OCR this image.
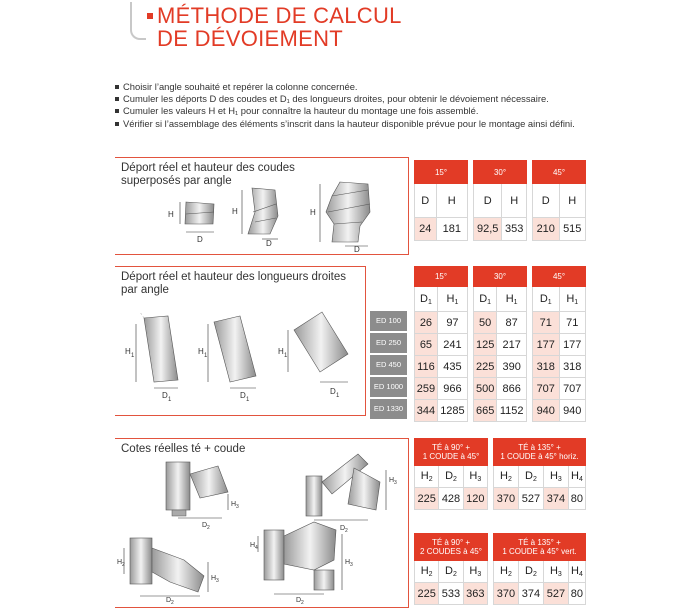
MÉTHODE DE CALCUL
DE DÉVOIEMENT
Choisir l’angle souhaité et repérer la colonne concernée.
Cumuler les déports D des coudes et D₁ des longueurs droites, pour obtenir le dévoiement nécessaire.
Cumuler les valeurs H et H₁ pour connaître la hauteur du montage une fois assemblé.
Vérifier si l’assemblage des éléments s’inscrit dans la hauteur disponible prévue pour le montage ainsi défini.
Déport réel et hauteur des coudes
superposés par angle
H
D
H
D
H
D
15°	
D	H
24	181
30°	
D	H
92,5	353
45°	
D	H
210	515
Déport réel et hauteur des longueurs droites
par angle
H 1
D 1
H 1
D 1
H 1
D 1
ED 100
ED 250
ED 450
ED 1000
ED 1330
15°	
D1	H1
26	97
65	241
116	435
259	966
344	1285
30°	
D1	H1
50	87
125	217
225	390
500	866
665	1152
45°	
D1	H1
71	71
177	177
318	318
707	707
940	940
Cotes réelles té + coude
H 3
D 2
H 3
D 2
H 2
H 3
D 2
H 4
H 3
D 2
TÉ à 90° +
1 COUDE à 45°		

H2	D2	H3
225	428	120
TÉ à 135° +
1 COUDE à 45° horiz.			

H2	D2	H3	H4
370	527	374	80
TÉ à 90° +
2 COUDES à 45°		

H2	D2	H3
225	533	363
TÉ à 135° +
1 COUDE à 45° vert.			

H2	D2	H3	H4
370	374	527	80
